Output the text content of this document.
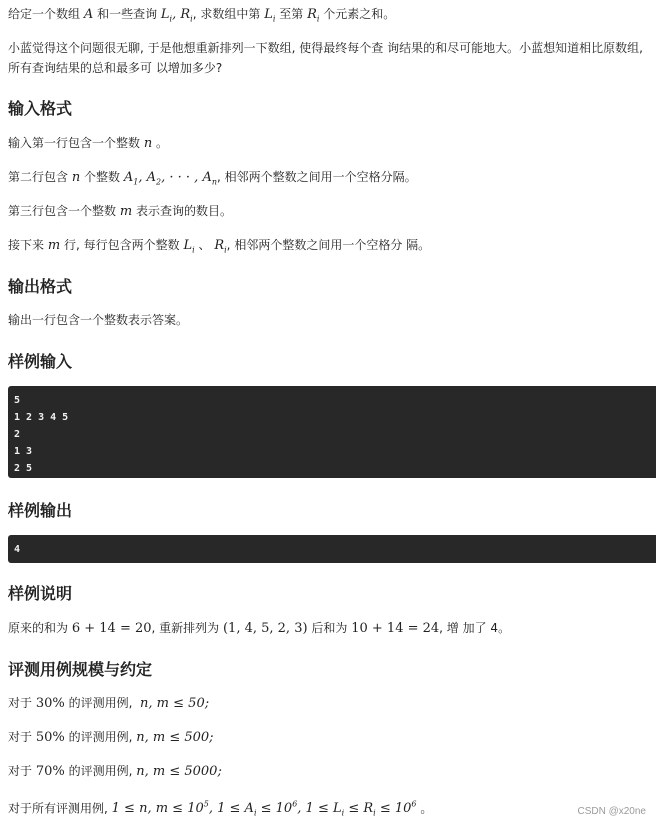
给定一个数组 A 和一些查询 $L_i$, $R_i$, 求数组中第 $L_i$ 至第 $R_i$ 个元素之和。

小蓝觉得这个问题很无聊, 于是他想重新排列一下数组, 使得最终每个查 询结果的和尽可能地大。小蓝想知道相比原数组, 所有查询结果的总和最多可 以增加多少?

输入格式

输入第一行包含一个整数 n 。

第二行包含 n 个整数 $A_1$, $A_2$, · · · , $A_n$, 相邻两个整数之间用一个空格分隔。

第三行包含一个整数 m 表示查询的数目。

接下来 m 行, 每行包含两个整数 $L_i$ 、 $R_i$, 相邻两个整数之间用一个空格分 隔。

输出格式

输出一行包含一个整数表示答案。

样例输入
5
1 2 3 4 5
2
1 3
2 5
样例输出
4
样例说明

原来的和为 6 + 14 = 20, 重新排列为 (1, 4, 5, 2, 3) 后和为 10 + 14 = 24, 增 加了 4。

评测用例规模与约定

对于 30% 的评测用例, n, m ≤ 50;

对于 50% 的评测用例, n, m ≤ 500;

对于 70% 的评测用例, n, m ≤ 5000;

对于所有评测用例, 1 ≤ n, $m \le 10^5$, $1 \le A_i \le 10^6$, $1 \le L_i \le R_i \le 10^6$ 。	CSDN @x20ne
